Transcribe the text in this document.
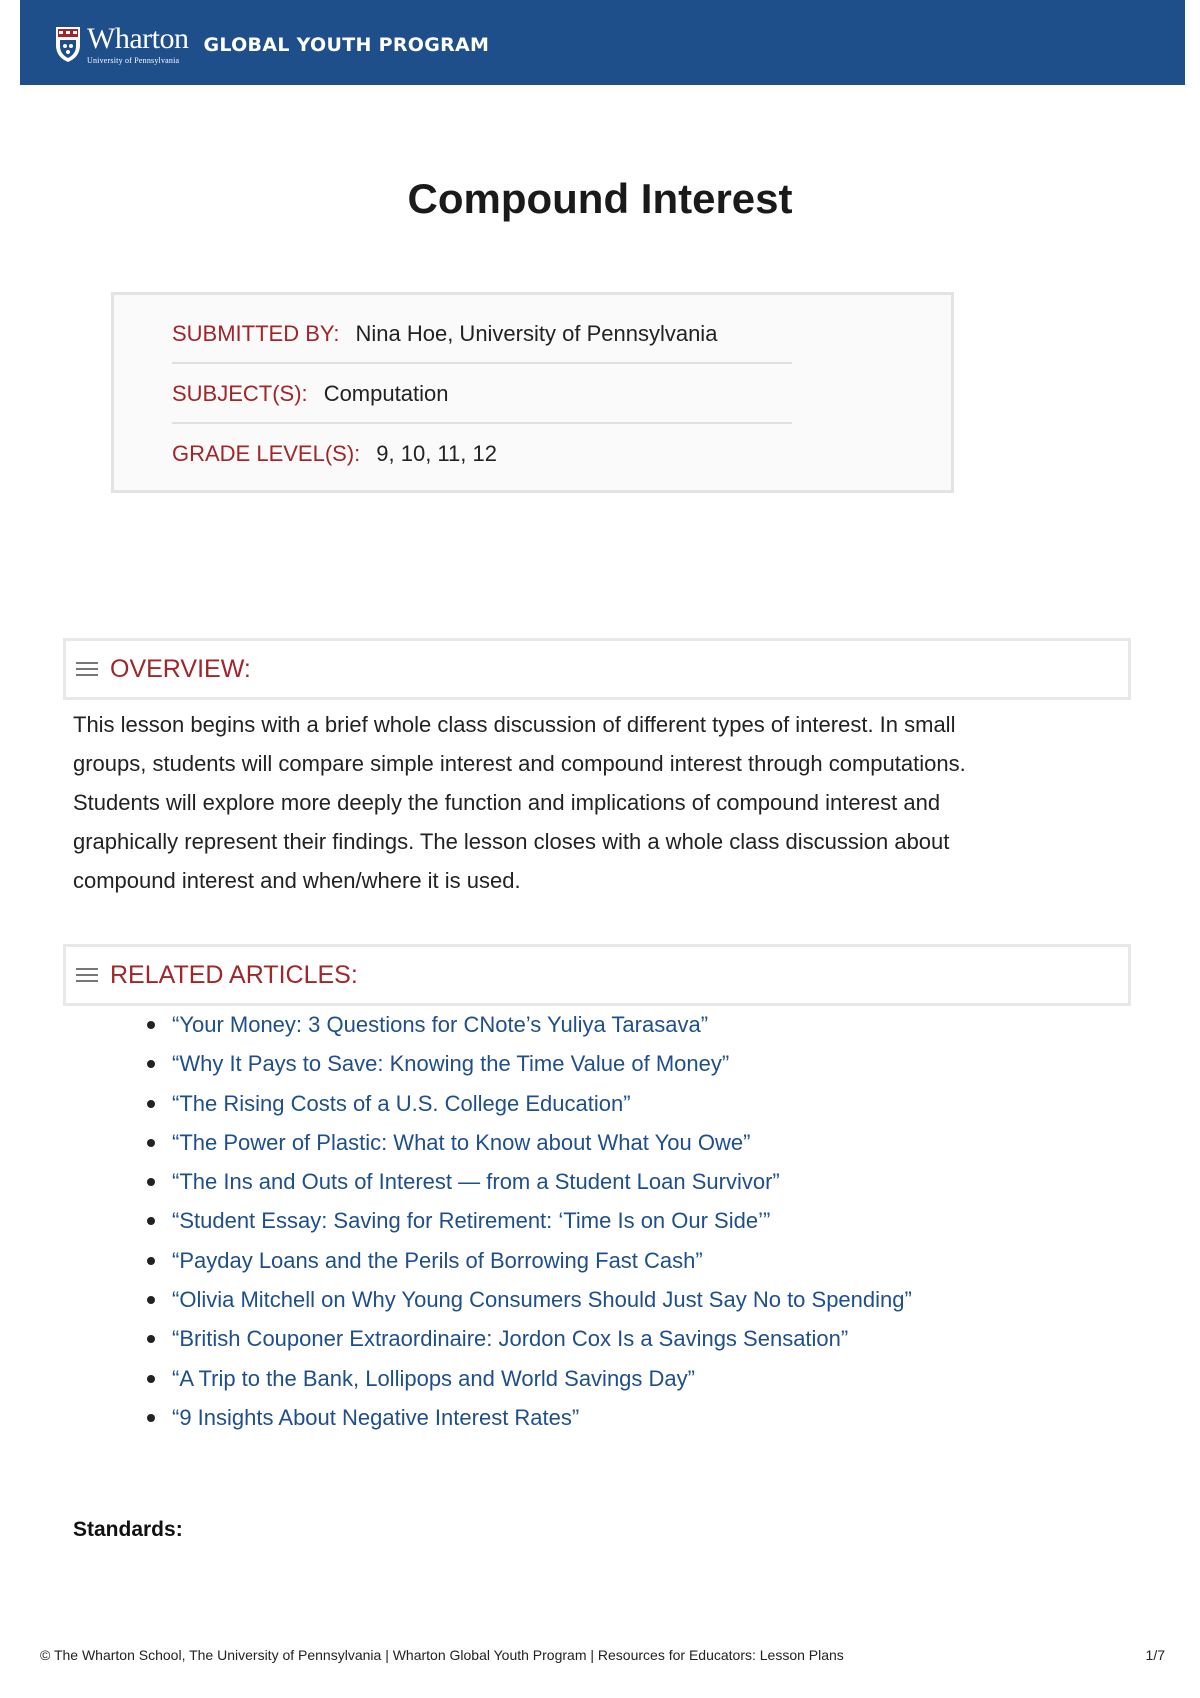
Wharton
University of Pennsylvania
GLOBAL YOUTH PROGRAM
Compound Interest
SUBMITTED BY: Nina Hoe, University of Pennsylvania
SUBJECT(S): Computation
GRADE LEVEL(S): 9, 10, 11, 12
OVERVIEW:
This lesson begins with a brief whole class discussion of different types of interest. In small
groups, students will compare simple interest and compound interest through computations.
Students will explore more deeply the function and implications of compound interest and
graphically represent their findings. The lesson closes with a whole class discussion about
compound interest and when/where it is used.
RELATED ARTICLES:
“Your Money: 3 Questions for CNote’s Yuliya Tarasava”
“Why It Pays to Save: Knowing the Time Value of Money”
“The Rising Costs of a U.S. College Education”
“The Power of Plastic: What to Know about What You Owe”
“The Ins and Outs of Interest — from a Student Loan Survivor”
“Student Essay: Saving for Retirement: ‘Time Is on Our Side’”
“Payday Loans and the Perils of Borrowing Fast Cash”
“Olivia Mitchell on Why Young Consumers Should Just Say No to Spending”
“British Couponer Extraordinaire: Jordon Cox Is a Savings Sensation”
“A Trip to the Bank, Lollipops and World Savings Day”
“9 Insights About Negative Interest Rates”
Standards:
© The Wharton School, The University of Pennsylvania | Wharton Global Youth Program | Resources for Educators: Lesson Plans	1/7
